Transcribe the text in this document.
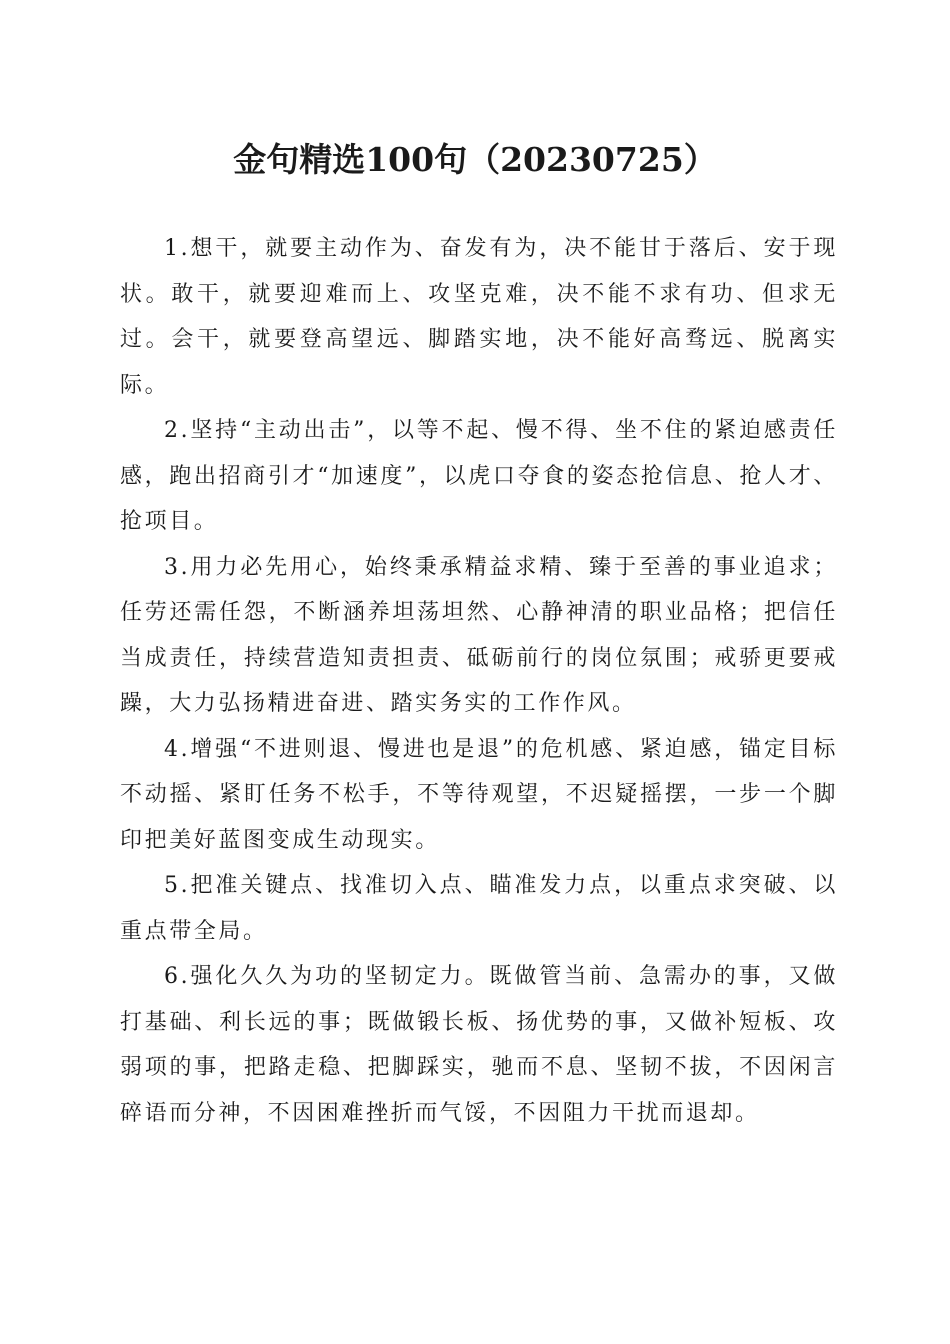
金句精选100句（20230725）

1.想干，就要主动作为、奋发有为，决不能甘于落后、安于现状。敢干，就要迎难而上、攻坚克难，决不能不求有功、但求无过。会干，就要登高望远、脚踏实地，决不能好高骛远、脱离实际。

2.坚持“主动出击”，以等不起、慢不得、坐不住的紧迫感责任感，跑出招商引才“加速度”，以虎口夺食的姿态抢信息、抢人才、抢项目。

3.用力必先用心，始终秉承精益求精、臻于至善的事业追求；任劳还需任怨，不断涵养坦荡坦然、心静神清的职业品格；把信任当成责任，持续营造知责担责、砥砺前行的岗位氛围；戒骄更要戒躁，大力弘扬精进奋进、踏实务实的工作作风。

4.增强“不进则退、慢进也是退”的危机感、紧迫感，锚定目标不动摇、紧盯任务不松手，不等待观望，不迟疑摇摆，一步一个脚印把美好蓝图变成生动现实。

5.把准关键点、找准切入点、瞄准发力点，以重点求突破、以重点带全局。

6.强化久久为功的坚韧定力。既做管当前、急需办的事，又做打基础、利长远的事；既做锻长板、扬优势的事，又做补短板、攻弱项的事，把路走稳、把脚踩实，驰而不息、坚韧不拔，不因闲言碎语而分神，不因困难挫折而气馁，不因阻力干扰而退却。
